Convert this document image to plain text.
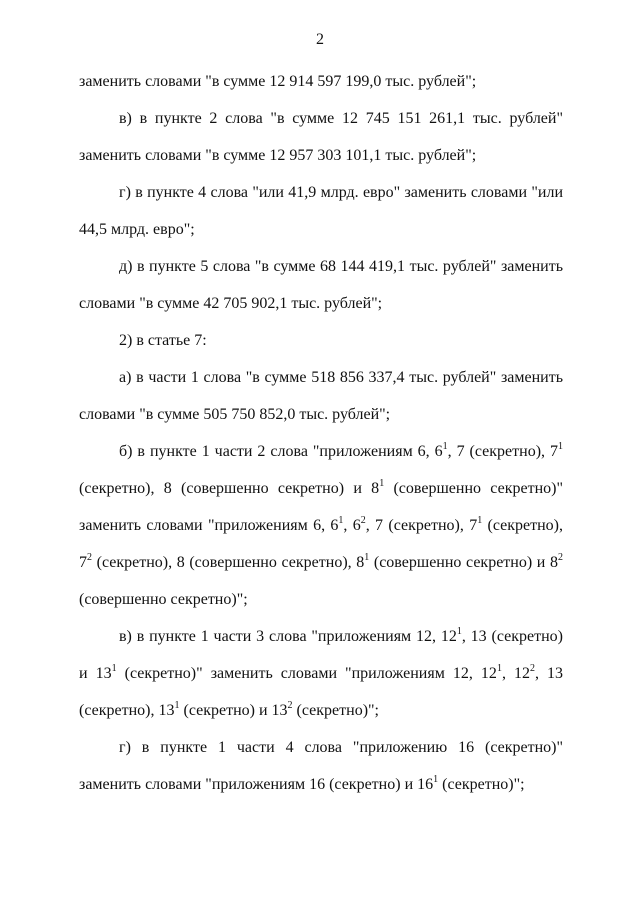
2

заменить словами "в сумме 12 914 597 199,0 тыс. рублей";

в) в пункте 2 слова "в сумме 12 745 151 261,1 тыс. рублей" заменить словами "в сумме 12 957 303 101,1 тыс. рублей";

г) в пункте 4 слова "или 41,9 млрд. евро" заменить словами "или 44,5 млрд. евро";

д) в пункте 5 слова "в сумме 68 144 419,1 тыс. рублей" заменить словами "в сумме 42 705 902,1 тыс. рублей";

2) в статье 7:

а) в части 1 слова "в сумме 518 856 337,4 тыс. рублей" заменить словами "в сумме 505 750 852,0 тыс. рублей";

б) в пункте 1 части 2 слова "приложениям 6, $6^1$, 7 (секретно), $7^1$ (секретно), 8 (совершенно секретно) и $8^1$ (совершенно секретно)" заменить словами "приложениям 6, $6^1$, $6^2$, 7 (секретно), $7^1$ (секретно), $7^2$ (секретно), 8 (совершенно секретно), $8^1$ (совершенно секретно) и $8^2$ (совершенно секретно)";

в) в пункте 1 части 3 слова "приложениям 12, $12^1$, 13 (секретно) и $13^1$ (секретно)" заменить словами "приложениям 12, $12^1$, $12^2$, 13 (секретно), $13^1$ (секретно) и $13^2$ (секретно)";

г) в пункте 1 части 4 слова "приложению 16 (секретно)" заменить словами "приложениям 16 (секретно) и $16^1$ (секретно)";
